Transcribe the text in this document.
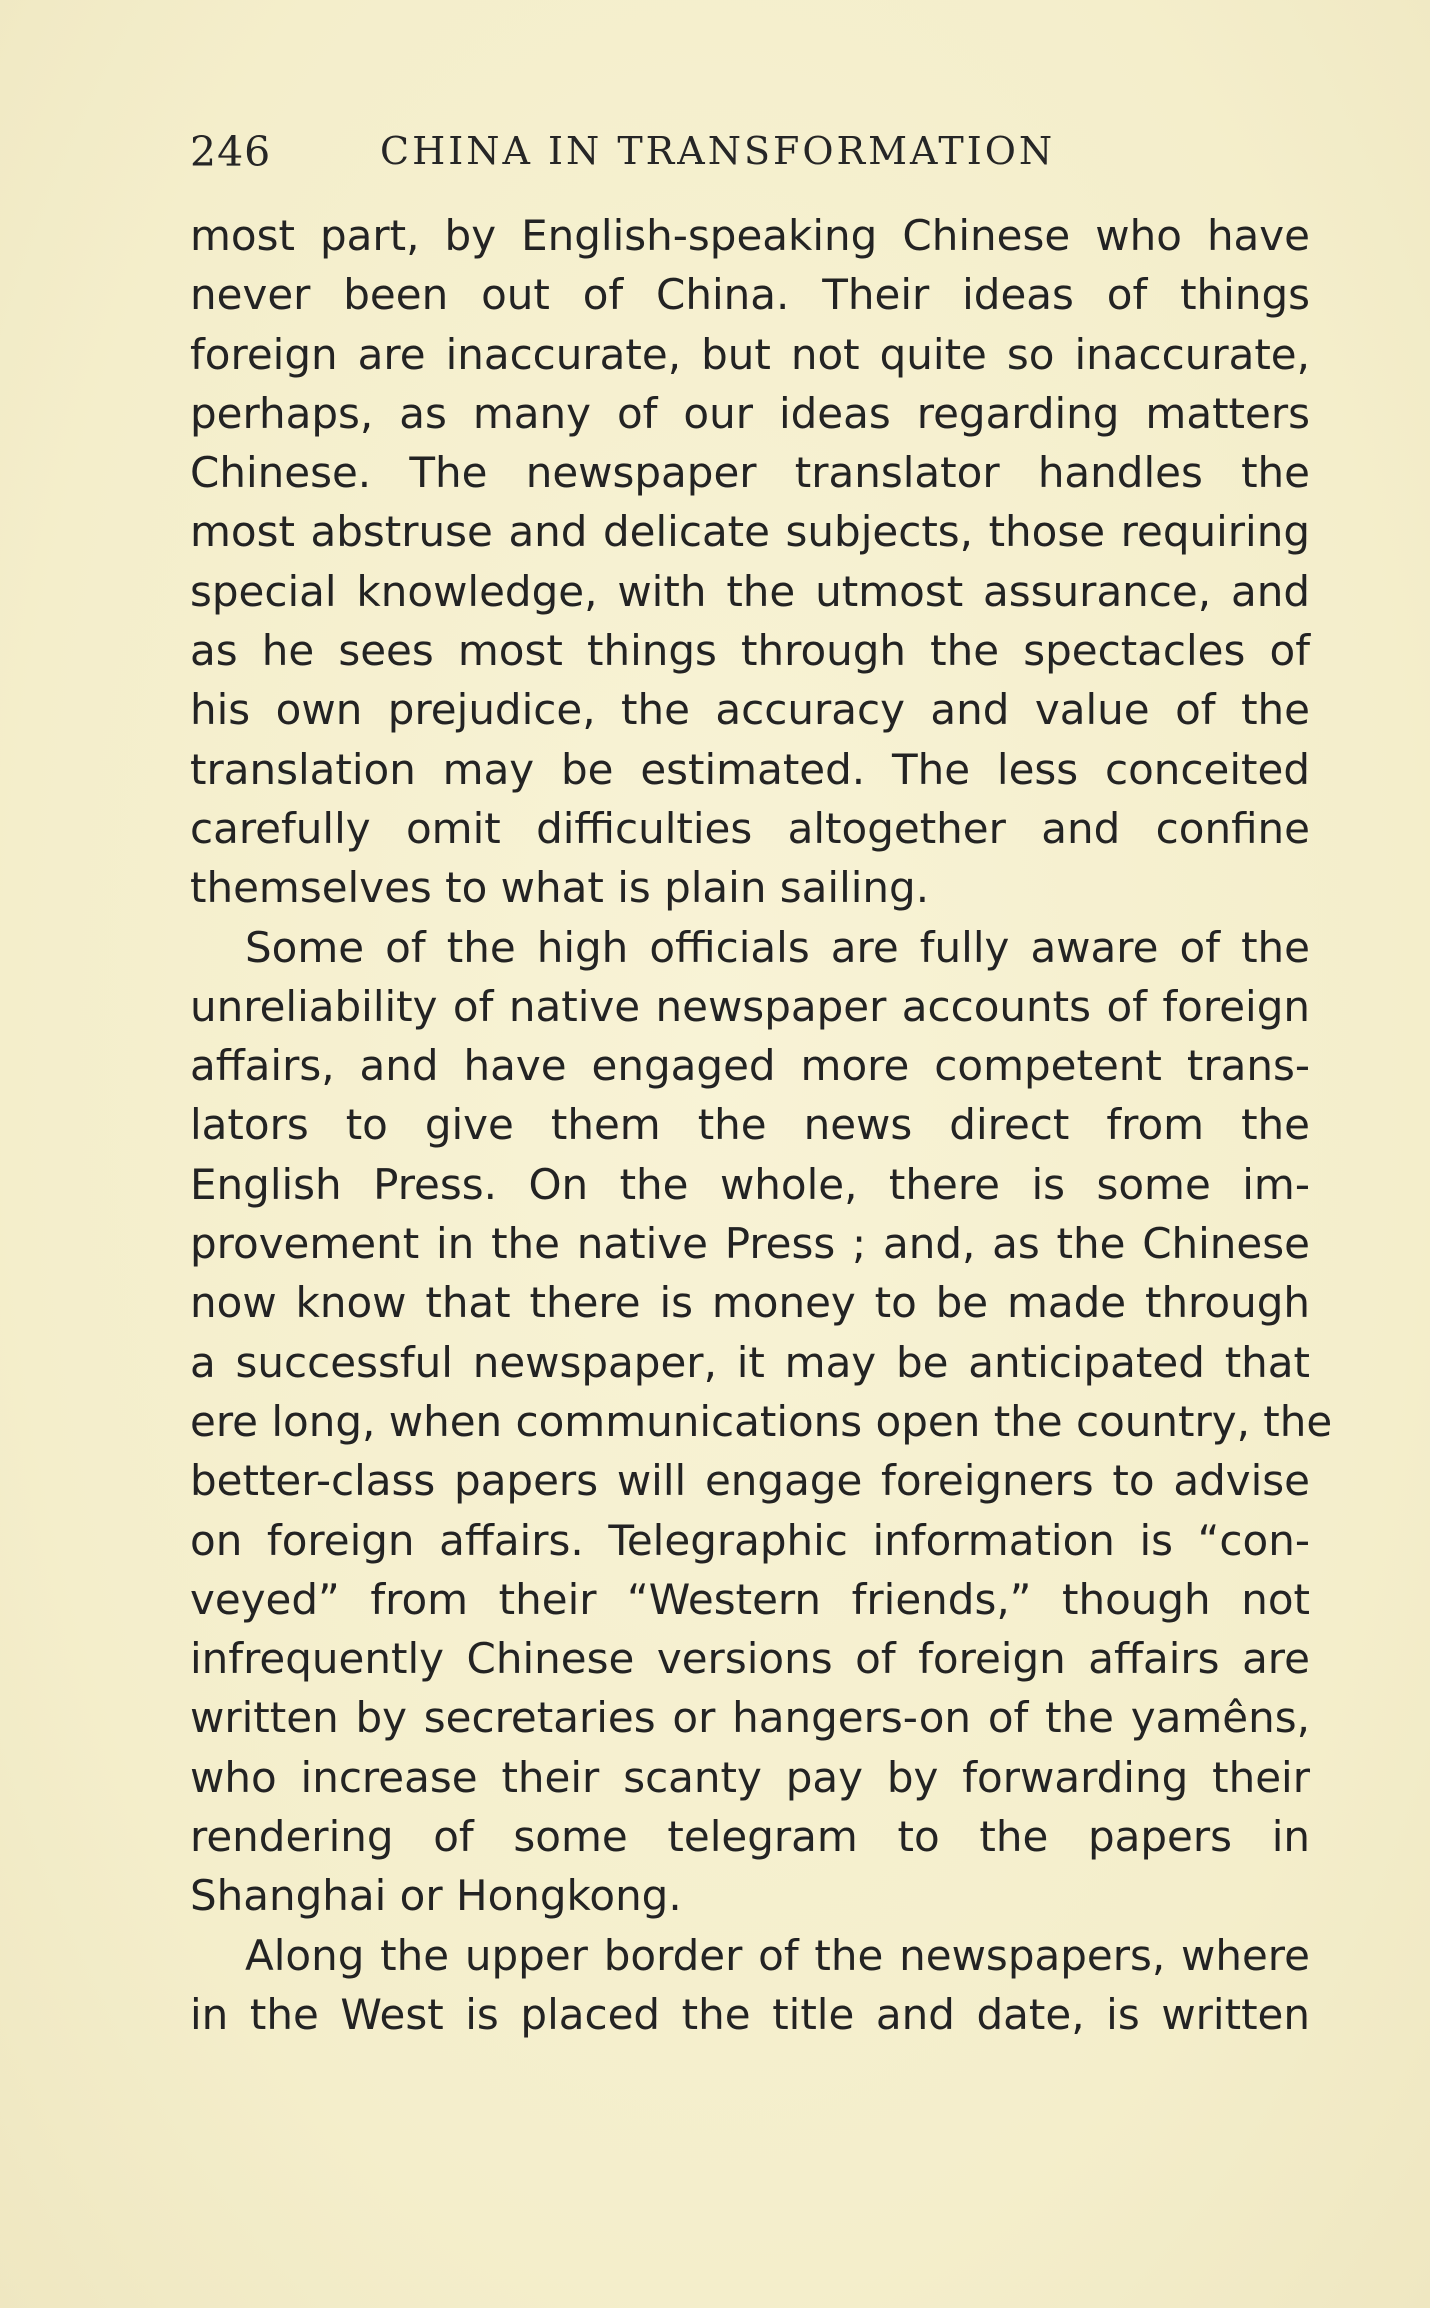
246	CHINA IN TRANSFORMATION
most part, by English-speaking Chinese who have
never been out of China. Their ideas of things
foreign are inaccurate, but not quite so inaccurate,
perhaps, as many of our ideas regarding matters
Chinese. The newspaper translator handles the
most abstruse and delicate subjects, those requiring
special knowledge, with the utmost assurance, and
as he sees most things through the spectacles of
his own prejudice, the accuracy and value of the
translation may be estimated. The less conceited
carefully omit difficulties altogether and confine
themselves to what is plain sailing.
Some of the high officials are fully aware of the
unreliability of native newspaper accounts of foreign
affairs, and have engaged more competent trans-
lators to give them the news direct from the
English Press. On the whole, there is some im-
provement in the native Press ; and, as the Chinese
now know that there is money to be made through
a successful newspaper, it may be anticipated that
ere long, when communications open the country, the
better-class papers will engage foreigners to advise
on foreign affairs. Telegraphic information is “con-
veyed” from their “Western friends,” though not
infrequently Chinese versions of foreign affairs are
written by secretaries or hangers-on of the yamêns,
who increase their scanty pay by forwarding their
rendering of some telegram to the papers in
Shanghai or Hongkong.
Along the upper border of the newspapers, where
in the West is placed the title and date, is written
